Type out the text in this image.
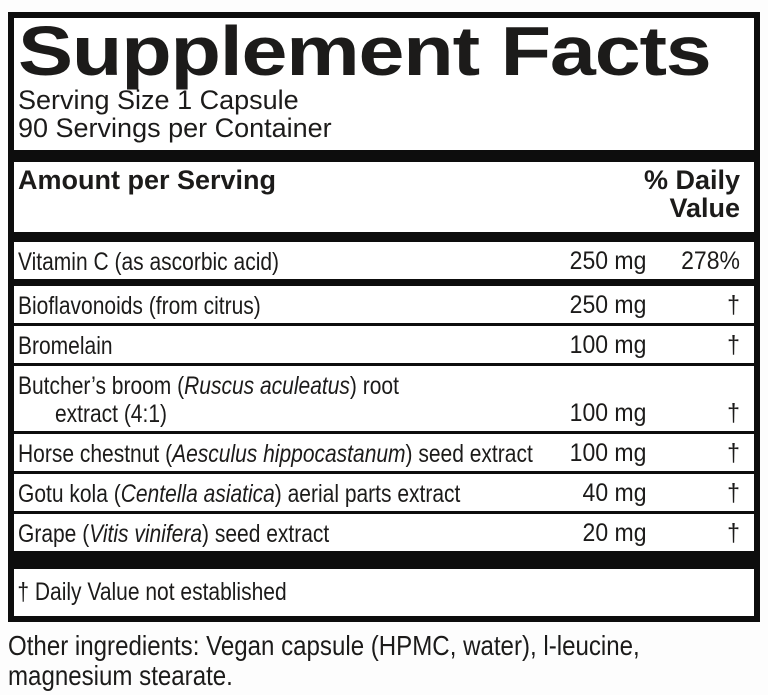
Supplement Facts
Serving Size 1 Capsule
90 Servings per Container
Amount per Serving	% Daily Value
Vitamin C (as ascorbic acid)	250 mg 278%
Bioflavonoids (from citrus)	250 mg	†
Bromelain	100 mg	†
Butcher’s broom (Ruscus aculeatus) root
extract (4:1)	100 mg	†
Horse chestnut (Aesculus hippocastanum) seed extract	100 mg	†
Gotu kola (Centella asiatica) aerial parts extract	40 mg	†
Grape (Vitis vinifera) seed extract	20 mg	†
† Daily Value not established

Other ingredients: Vegan capsule (HPMC, water), l-leucine, magnesium stearate.
